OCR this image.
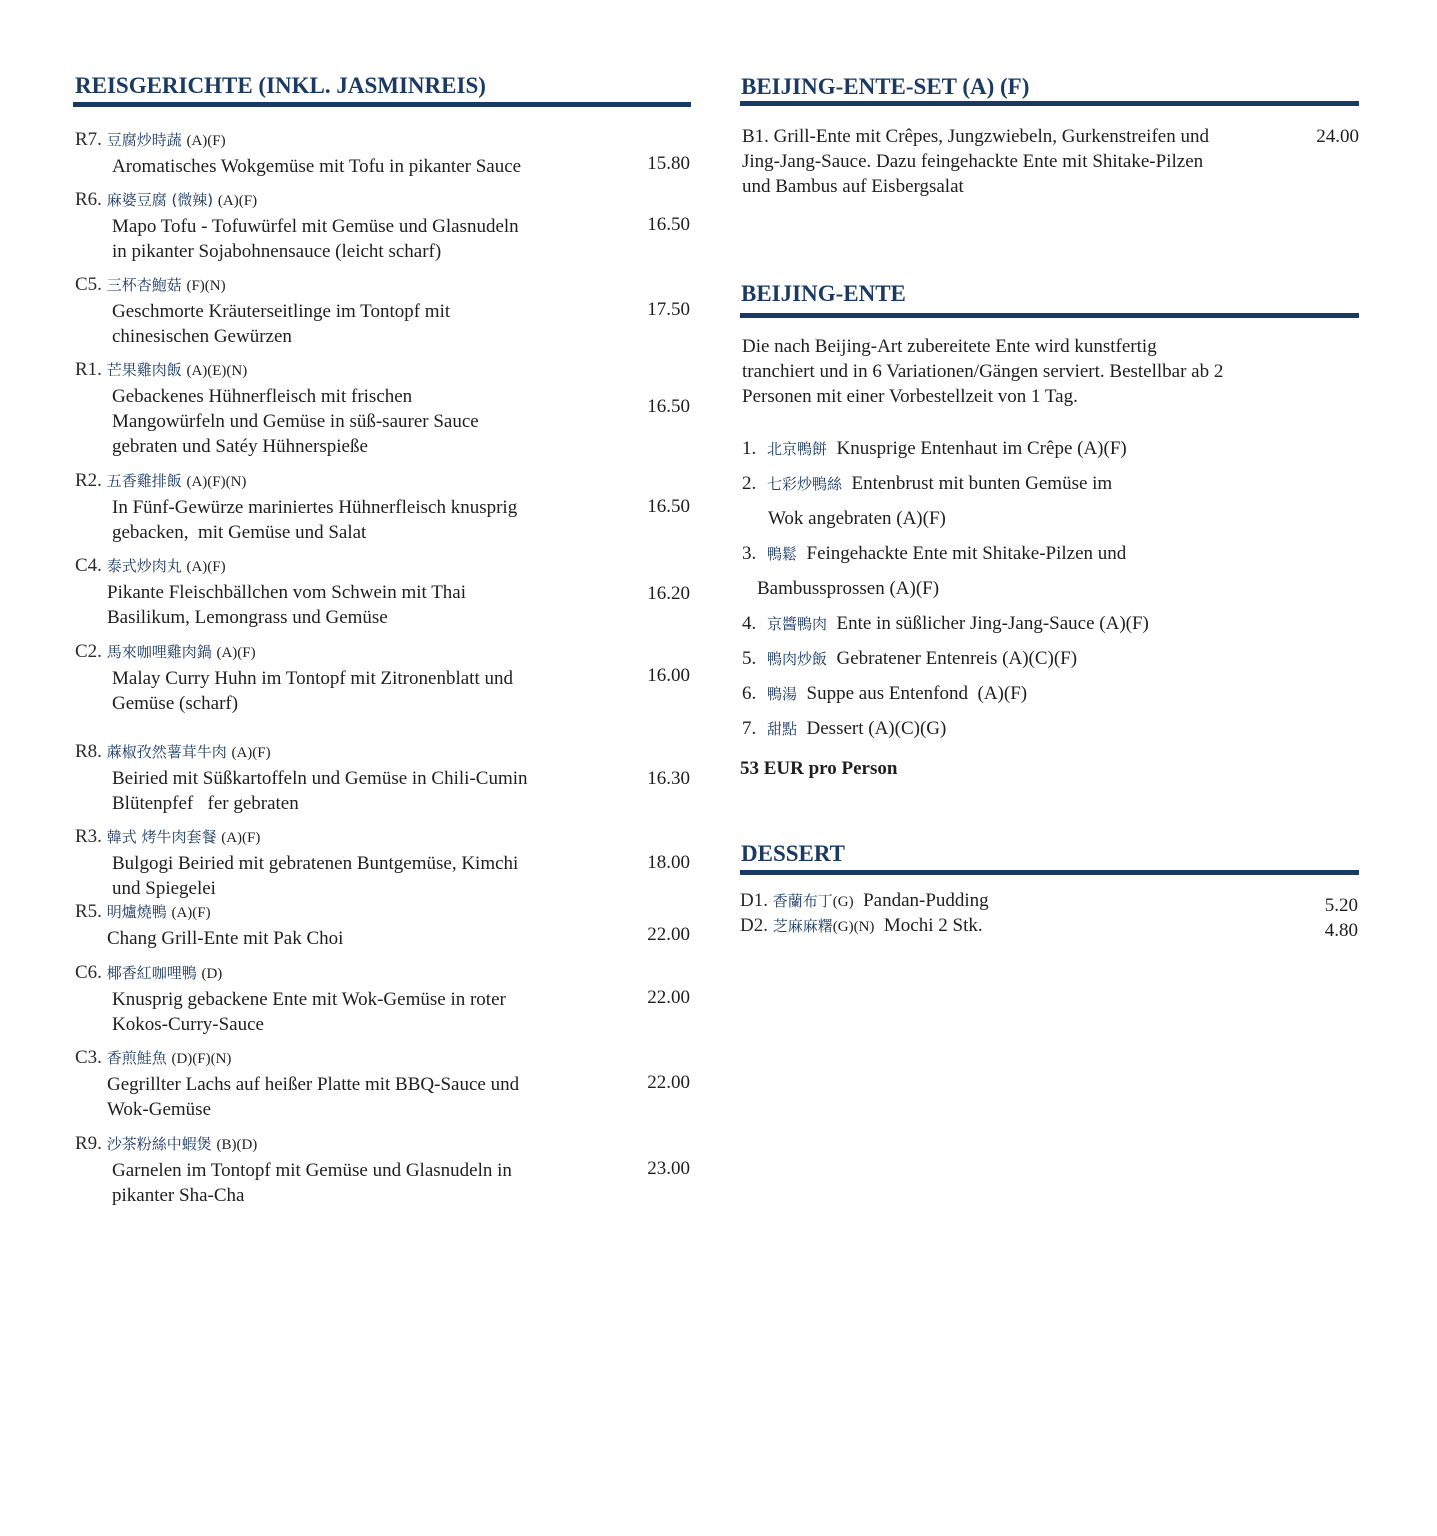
REISGERICHTE (INKL. JASMINREIS)
R7. 豆腐炒時蔬 (A)(F)
Aromatisches Wokgemüse mit Tofu in pikanter Sauce	15.80
R6. 麻婆豆腐 (微辣) (A)(F)
Mapo Tofu - Tofuwürfel mit Gemüse und Glasnudeln
in pikanter Sojabohnensauce (leicht scharf)
16.50
C5. 三杯杏鮑菇 (F)(N)
Geschmorte Kräuterseitlinge im Tontopf mit
chinesischen Gewürzen
17.50
R1. 芒果雞肉飯 (A)(E)(N)
Gebackenes Hühnerfleisch mit frischen
Mangowürfeln und Gemüse in süß-saurer Sauce
gebraten und Satéy Hühnerspieße
16.50
R2. 五香雞排飯 (A)(F)(N)
In Fünf-Gewürze mariniertes Hühnerfleisch knusprig
gebacken,  mit Gemüse und Salat
16.50
C4. 泰式炒肉丸 (A)(F)
Pikante Fleischbällchen vom Schwein mit Thai
Basilikum, Lemongrass und Gemüse
16.20
C2. 馬來咖哩雞肉鍋 (A)(F)
Malay Curry Huhn im Tontopf mit Zitronenblatt und
Gemüse (scharf)
16.00
R8. 蔴椒孜然薯茸牛肉 (A)(F)
Beiried mit Süßkartoffeln und Gemüse in Chili-Cumin
Blütenpfef   fer gebraten
16.30
R3. 韓式 烤牛肉套餐 (A)(F)
Bulgogi Beiried mit gebratenen Buntgemüse, Kimchi
und Spiegelei
18.00
R5. 明爐燒鴨 (A)(F)
Chang Grill-Ente mit Pak Choi	22.00
C6. 椰香紅咖哩鴨 (D)
Knusprig gebackene Ente mit Wok-Gemüse in roter
Kokos-Curry-Sauce
22.00
C3. 香煎鮭魚 (D)(F)(N)
Gegrillter Lachs auf heißer Platte mit BBQ-Sauce und
Wok-Gemüse
22.00
R9. 沙茶粉絲中蝦煲 (B)(D)
Garnelen im Tontopf mit Gemüse und Glasnudeln in
pikanter Sha-Cha
23.00
BEIJING-ENTE-SET (A) (F)
B1. Grill-Ente mit Crêpes, Jungzwiebeln, Gurkenstreifen und
Jing-Jang-Sauce. Dazu feingehackte Ente mit Shitake-Pilzen
und Bambus auf Eisbergsalat
24.00
BEIJING-ENTE
Die nach Beijing-Art zubereitete Ente wird kunstfertig
tranchiert und in 6 Variationen/Gängen serviert. Bestellbar ab 2
Personen mit einer Vorbestellzeit von 1 Tag.
1. 北京鴨餅 Knusprige Entenhaut im Crêpe (A)(F)
2. 七彩炒鴨絲 Entenbrust mit bunten Gemüse im
Wok angebraten (A)(F)
3. 鴨鬆 Feingehackte Ente mit Shitake-Pilzen und
Bambussprossen (A)(F)
4. 京醬鴨肉 Ente in süßlicher Jing-Jang-Sauce (A)(F)
5. 鴨肉炒飯 Gebratener Entenreis (A)(C)(F)
6. 鴨湯 Suppe aus Entenfond  (A)(F)
7. 甜點 Dessert (A)(C)(G)
53 EUR pro Person
DESSERT
D1. 香蘭布丁(G) Pandan-Pudding	5.20
D2. 芝麻麻糬(G)(N) Mochi 2 Stk.	4.80
